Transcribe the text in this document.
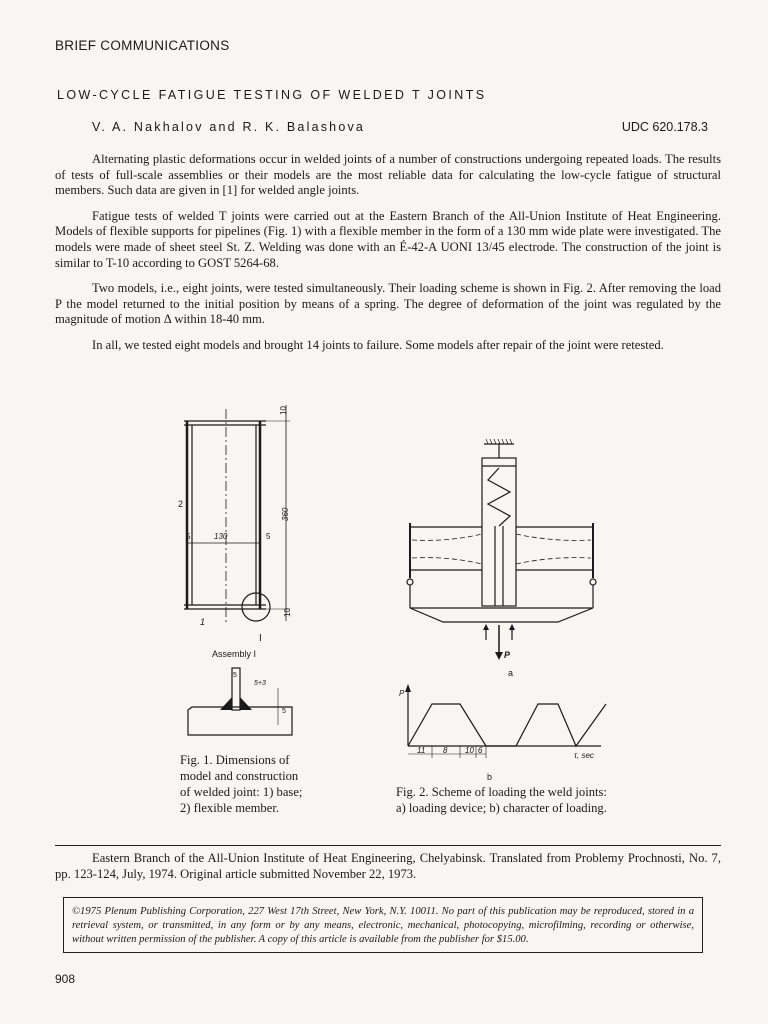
BRIEF COMMUNICATIONS
LOW-CYCLE FATIGUE TESTING OF WELDED T JOINTS
V. A. Nakhalov and R. K. Balashova	UDC 620.178.3

Alternating plastic deformations occur in welded joints of a number of constructions undergoing repeated loads. The results of tests of full-scale assemblies or their models are the most reliable data for calculating the low-cycle fatigue of structural members. Such data are given in [1] for welded angle joints.

Fatigue tests of welded T joints were carried out at the Eastern Branch of the All-Union Institute of Heat Engineering. Models of flexible supports for pipelines (Fig. 1) with a flexible member in the form of a 130 mm wide plate were investigated. The models were made of sheet steel St. Z. Welding was done with an É-42-A UONI 13/45 electrode. The construction of the joint is similar to T-10 according to GOST 5264-68.

Two models, i.e., eight joints, were tested simultaneously. Their loading scheme is shown in Fig. 2. After removing the load P the model returned to the initial position by means of a spring. The degree of deformation of the joint was regulated by the magnitude of motion Δ within 18-40 mm.

In all, we tested eight models and brought 14 joints to failure. Some models after repair of the joint were retested.

10
360
10
130
5	5
2
1
I
Assembly I
5
5+3
5
Fig. 1. Dimensions of model and construction of welded joint: 1) base; 2) flexible member.
P
a
P
τ, sec
11 8 10 6
b
Fig. 2. Scheme of loading the weld joints: a) loading device; b) character of loading.
Eastern Branch of the All-Union Institute of Heat Engineering, Chelyabinsk. Translated from Problemy Prochnosti, No. 7, pp. 123-124, July, 1974. Original article submitted November 22, 1973.
©1975 Plenum Publishing Corporation, 227 West 17th Street, New York, N.Y. 10011. No part of this publication may be reproduced, stored in a retrieval system, or transmitted, in any form or by any means, electronic, mechanical, photocopying, microfilming, recording or otherwise, without written permission of the publisher. A copy of this article is available from the publisher for $15.00.
908
